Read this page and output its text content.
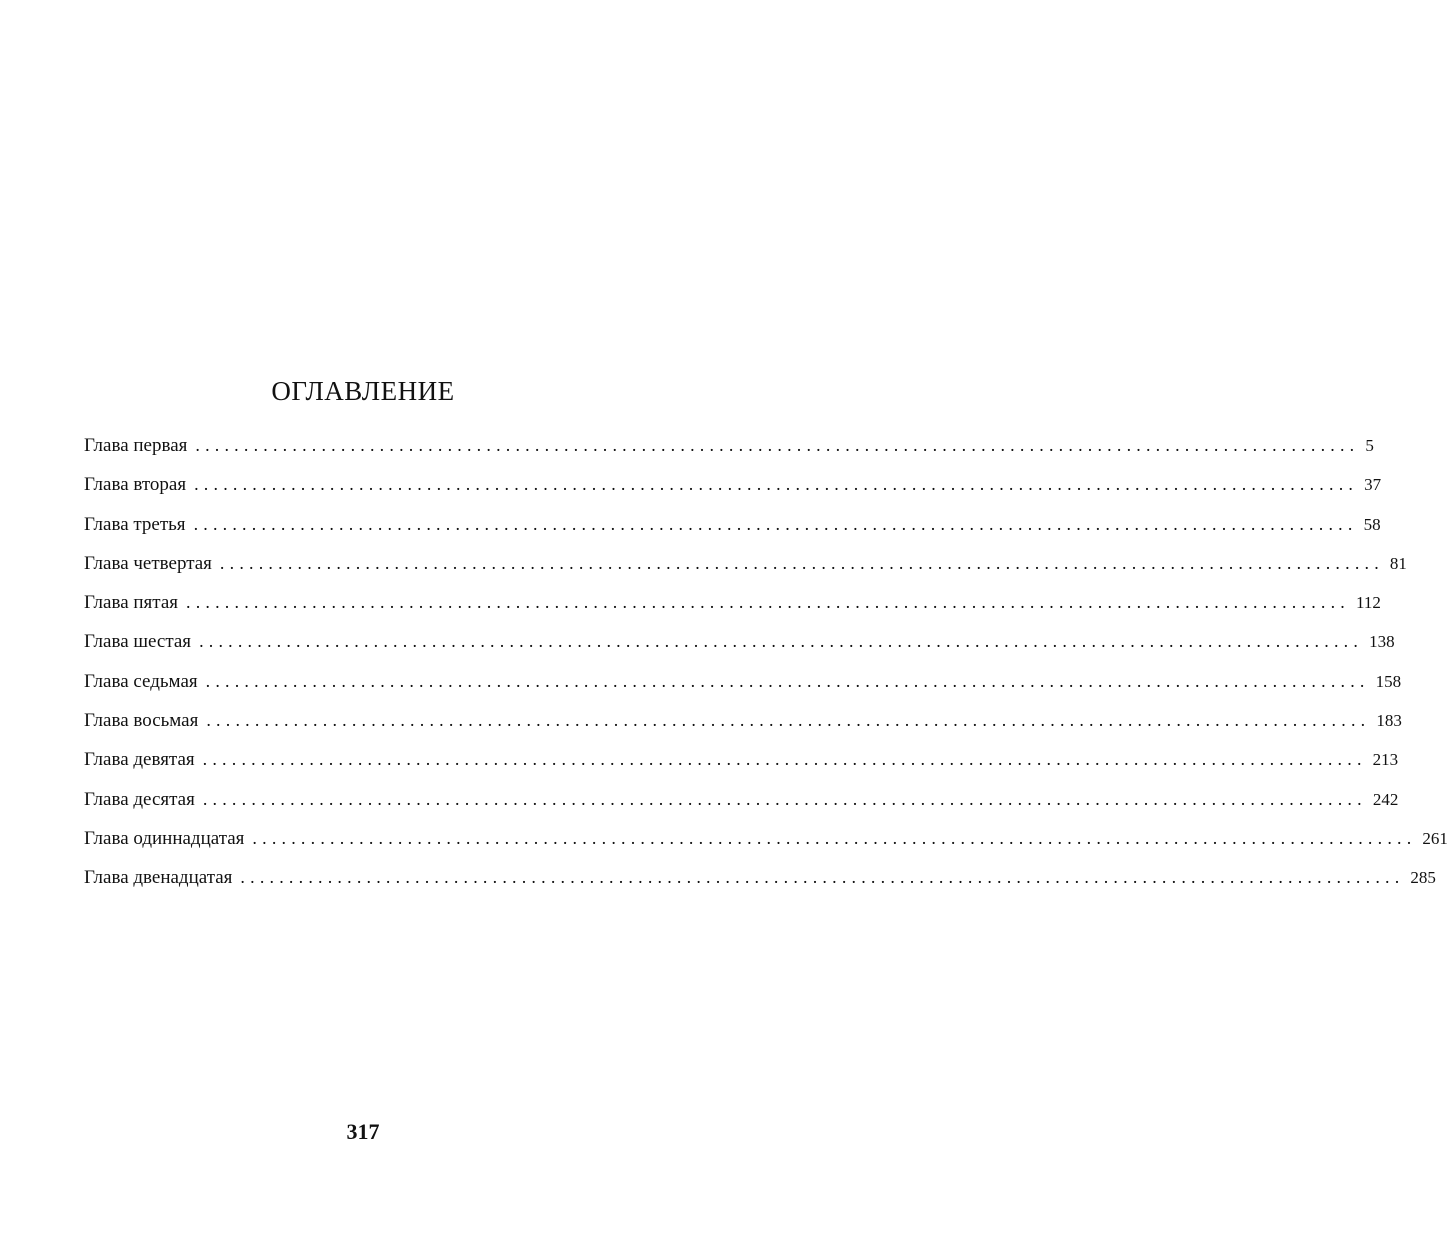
ОГЛАВЛЕНИЕ
Глава первая ........................................................................................................................ 5
Глава вторая ........................................................................................................................ 37
Глава третья ........................................................................................................................ 58
Глава четвертая ........................................................................................................................ 81
Глава пятая ........................................................................................................................ 112
Глава шестая ........................................................................................................................ 138
Глава седьмая ........................................................................................................................ 158
Глава восьмая ........................................................................................................................ 183
Глава девятая ........................................................................................................................ 213
Глава десятая ........................................................................................................................ 242
Глава одиннадцатая ........................................................................................................................ 261
Глава двенадцатая ........................................................................................................................ 285
317
